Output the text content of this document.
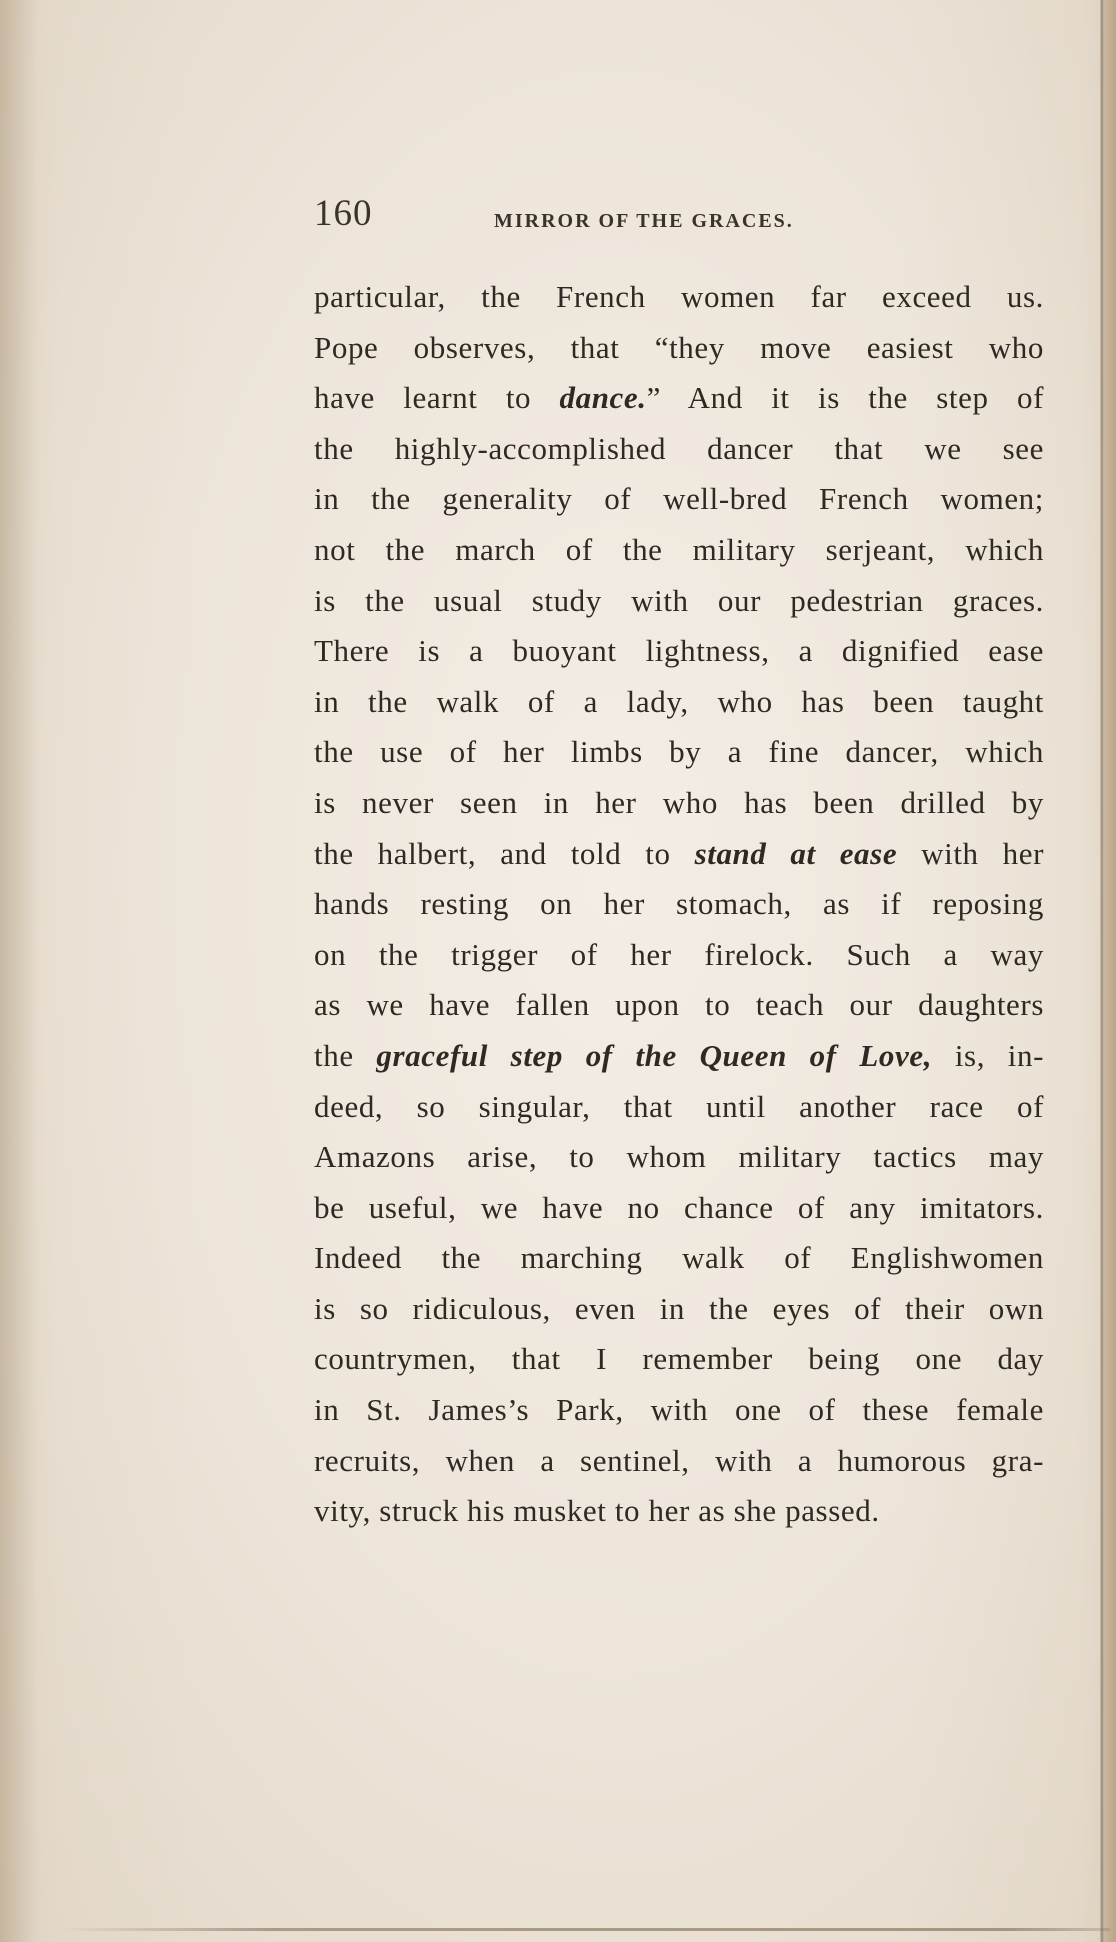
160	MIRROR OF THE GRACES.
particular, the French women far exceed us.
Pope observes, that “they move easiest who
have learnt to dance.” And it is the step of
the highly-accomplished dancer that we see
in the generality of well-bred French women;
not the march of the military serjeant, which
is the usual study with our pedestrian graces.
There is a buoyant lightness, a dignified ease
in the walk of a lady, who has been taught
the use of her limbs by a fine dancer, which
is never seen in her who has been drilled by
the halbert, and told to stand at ease with her
hands resting on her stomach, as if reposing
on the trigger of her firelock. Such a way
as we have fallen upon to teach our daughters
the graceful step of the Queen of Love, is, in-
deed, so singular, that until another race of
Amazons arise, to whom military tactics may
be useful, we have no chance of any imitators.
Indeed the marching walk of Englishwomen
is so ridiculous, even in the eyes of their own
countrymen, that I remember being one day
in St. James’s Park, with one of these female
recruits, when a sentinel, with a humorous gra-
vity, struck his musket to her as she passed.
